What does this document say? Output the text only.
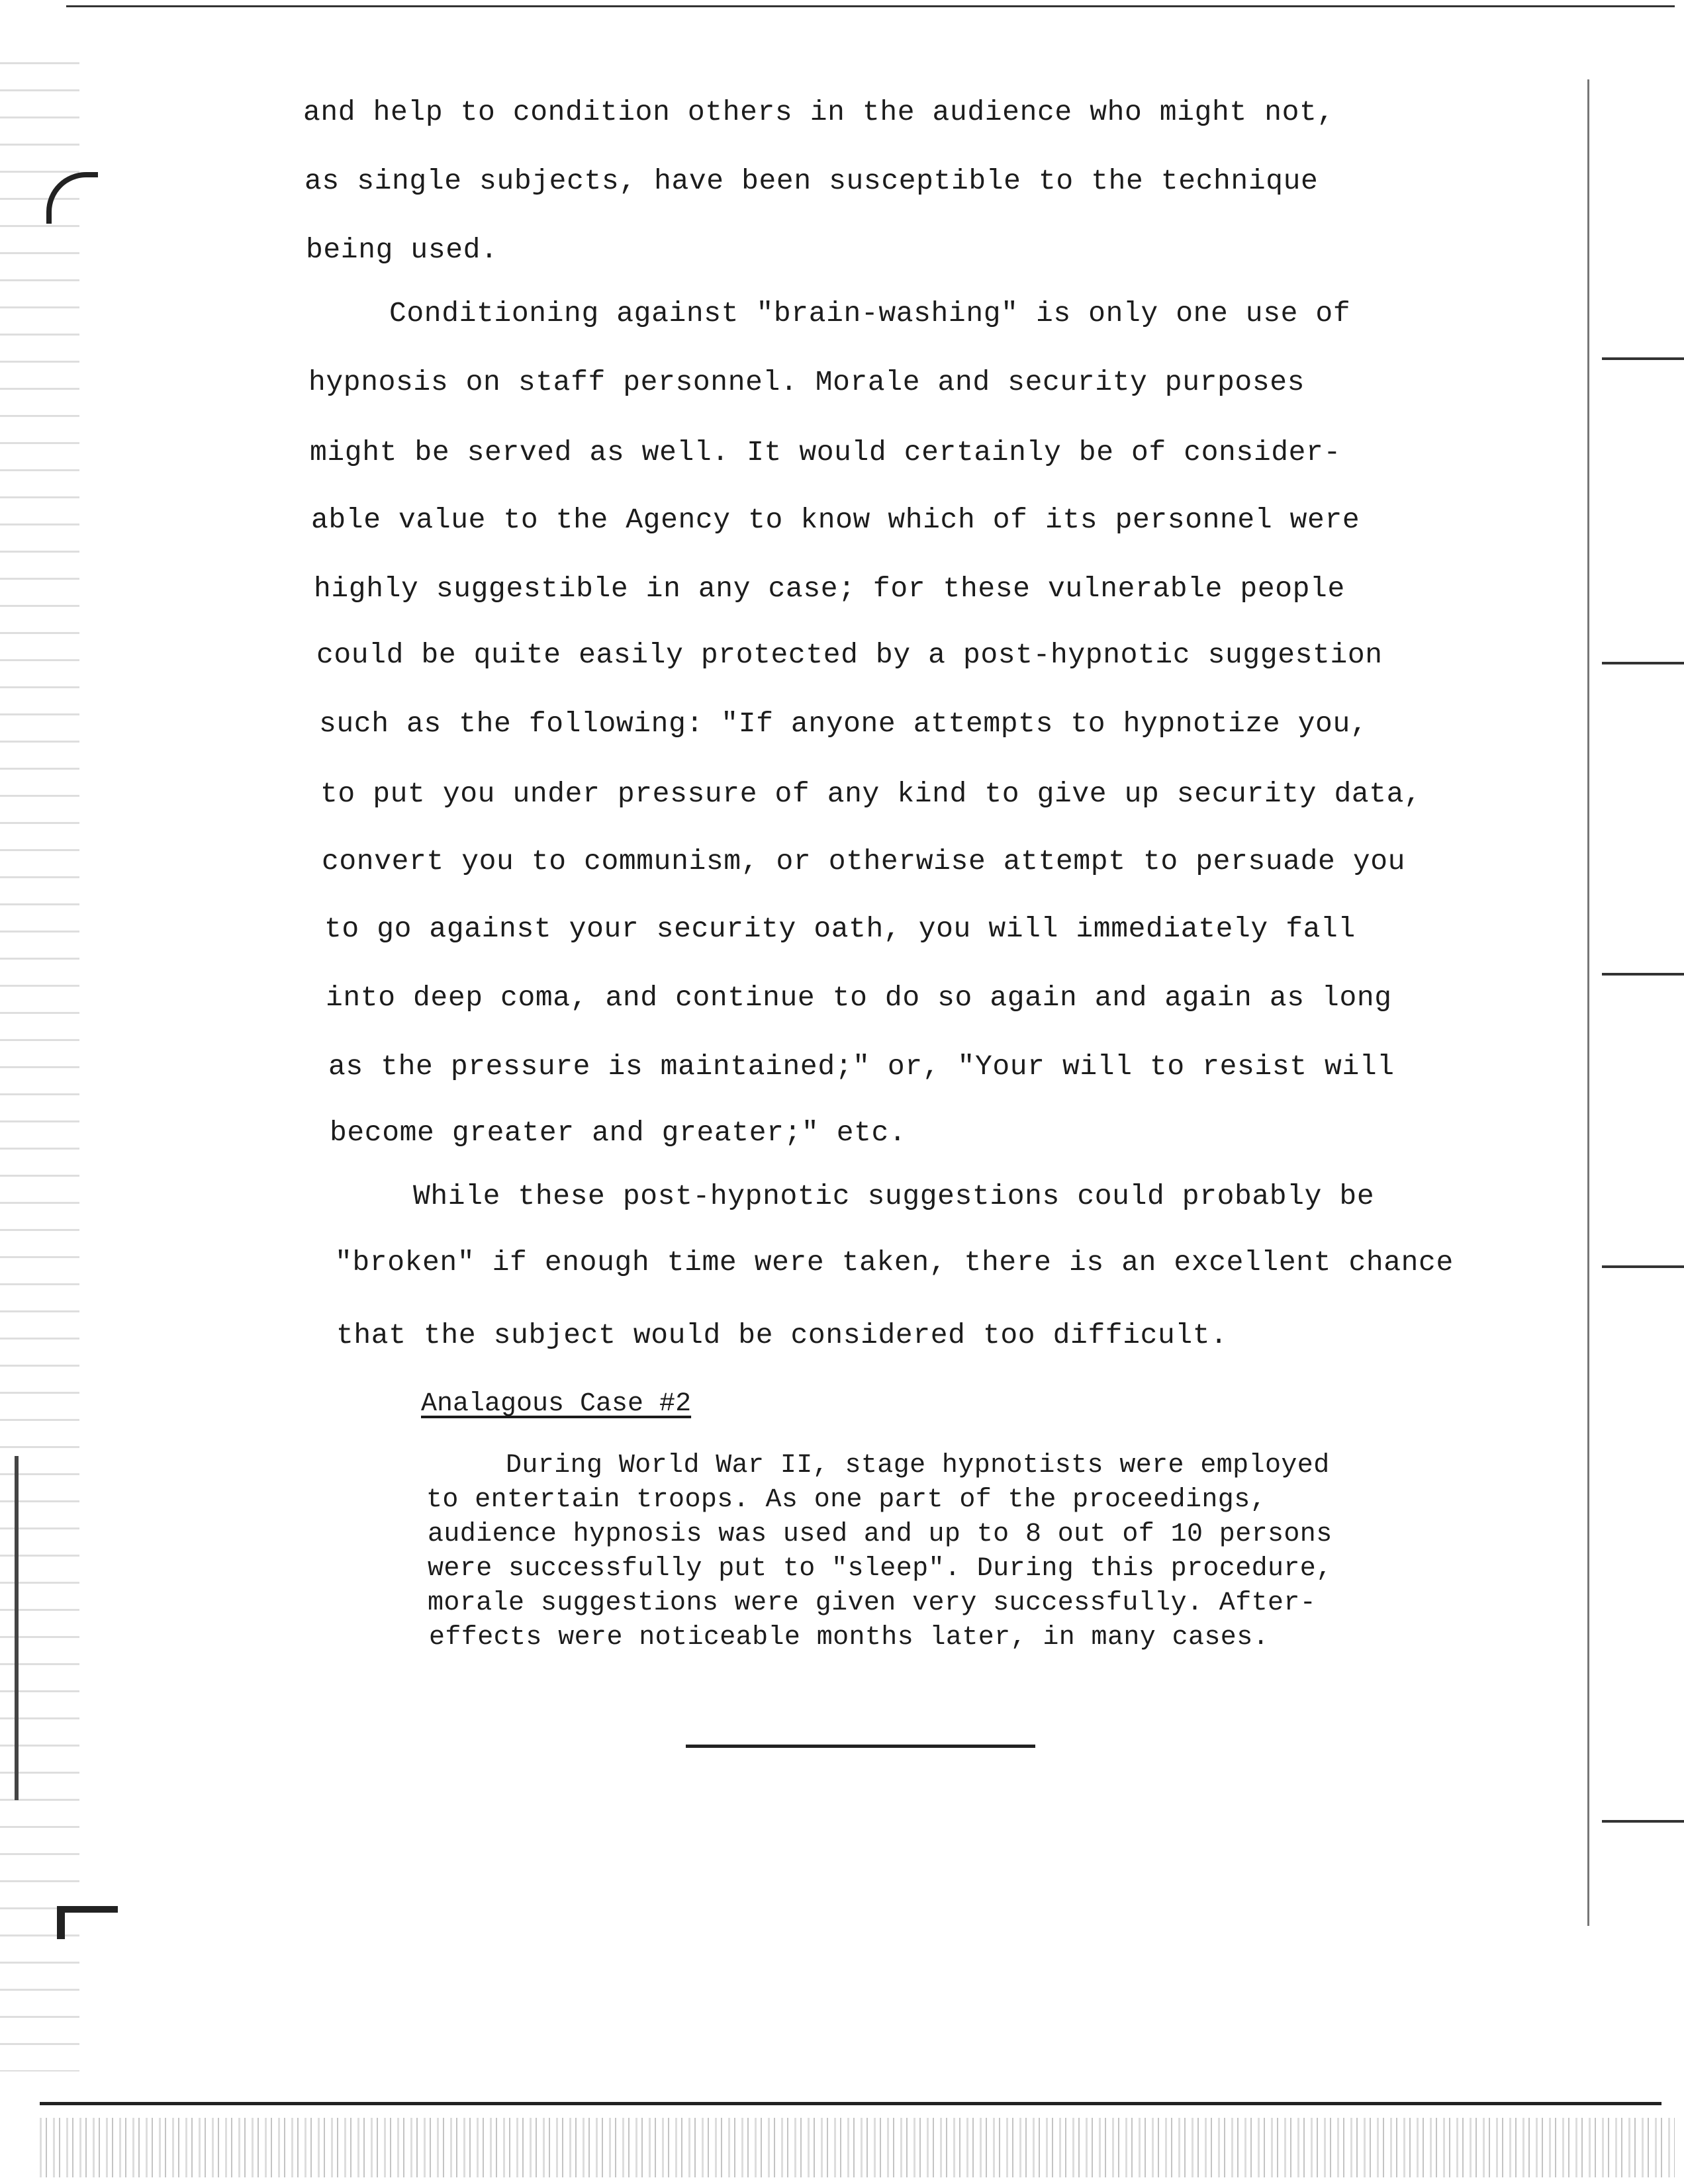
and help to condition others in the audience who might not,
as single subjects, have been susceptible to the technique
being used.
Conditioning against "brain-washing" is only one use of
hypnosis on staff personnel. Morale and security purposes
might be served as well. It would certainly be of consider-
able value to the Agency to know which of its personnel were
highly suggestible in any case; for these vulnerable people
could be quite easily protected by a post-hypnotic suggestion
such as the following: "If anyone attempts to hypnotize you,
to put you under pressure of any kind to give up security data,
convert you to communism, or otherwise attempt to persuade you
to go against your security oath, you will immediately fall
into deep coma, and continue to do so again and again as long
as the pressure is maintained;" or, "Your will to resist will
become greater and greater;" etc.
While these post-hypnotic suggestions could probably be
"broken" if enough time were taken, there is an excellent chance
that the subject would be considered too difficult.
Analagous Case #2
During World War II, stage hypnotists were employed
to entertain troops. As one part of the proceedings,
audience hypnosis was used and up to 8 out of 10 persons
were successfully put to "sleep". During this procedure,
morale suggestions were given very successfully. After-
effects were noticeable months later, in many cases.
